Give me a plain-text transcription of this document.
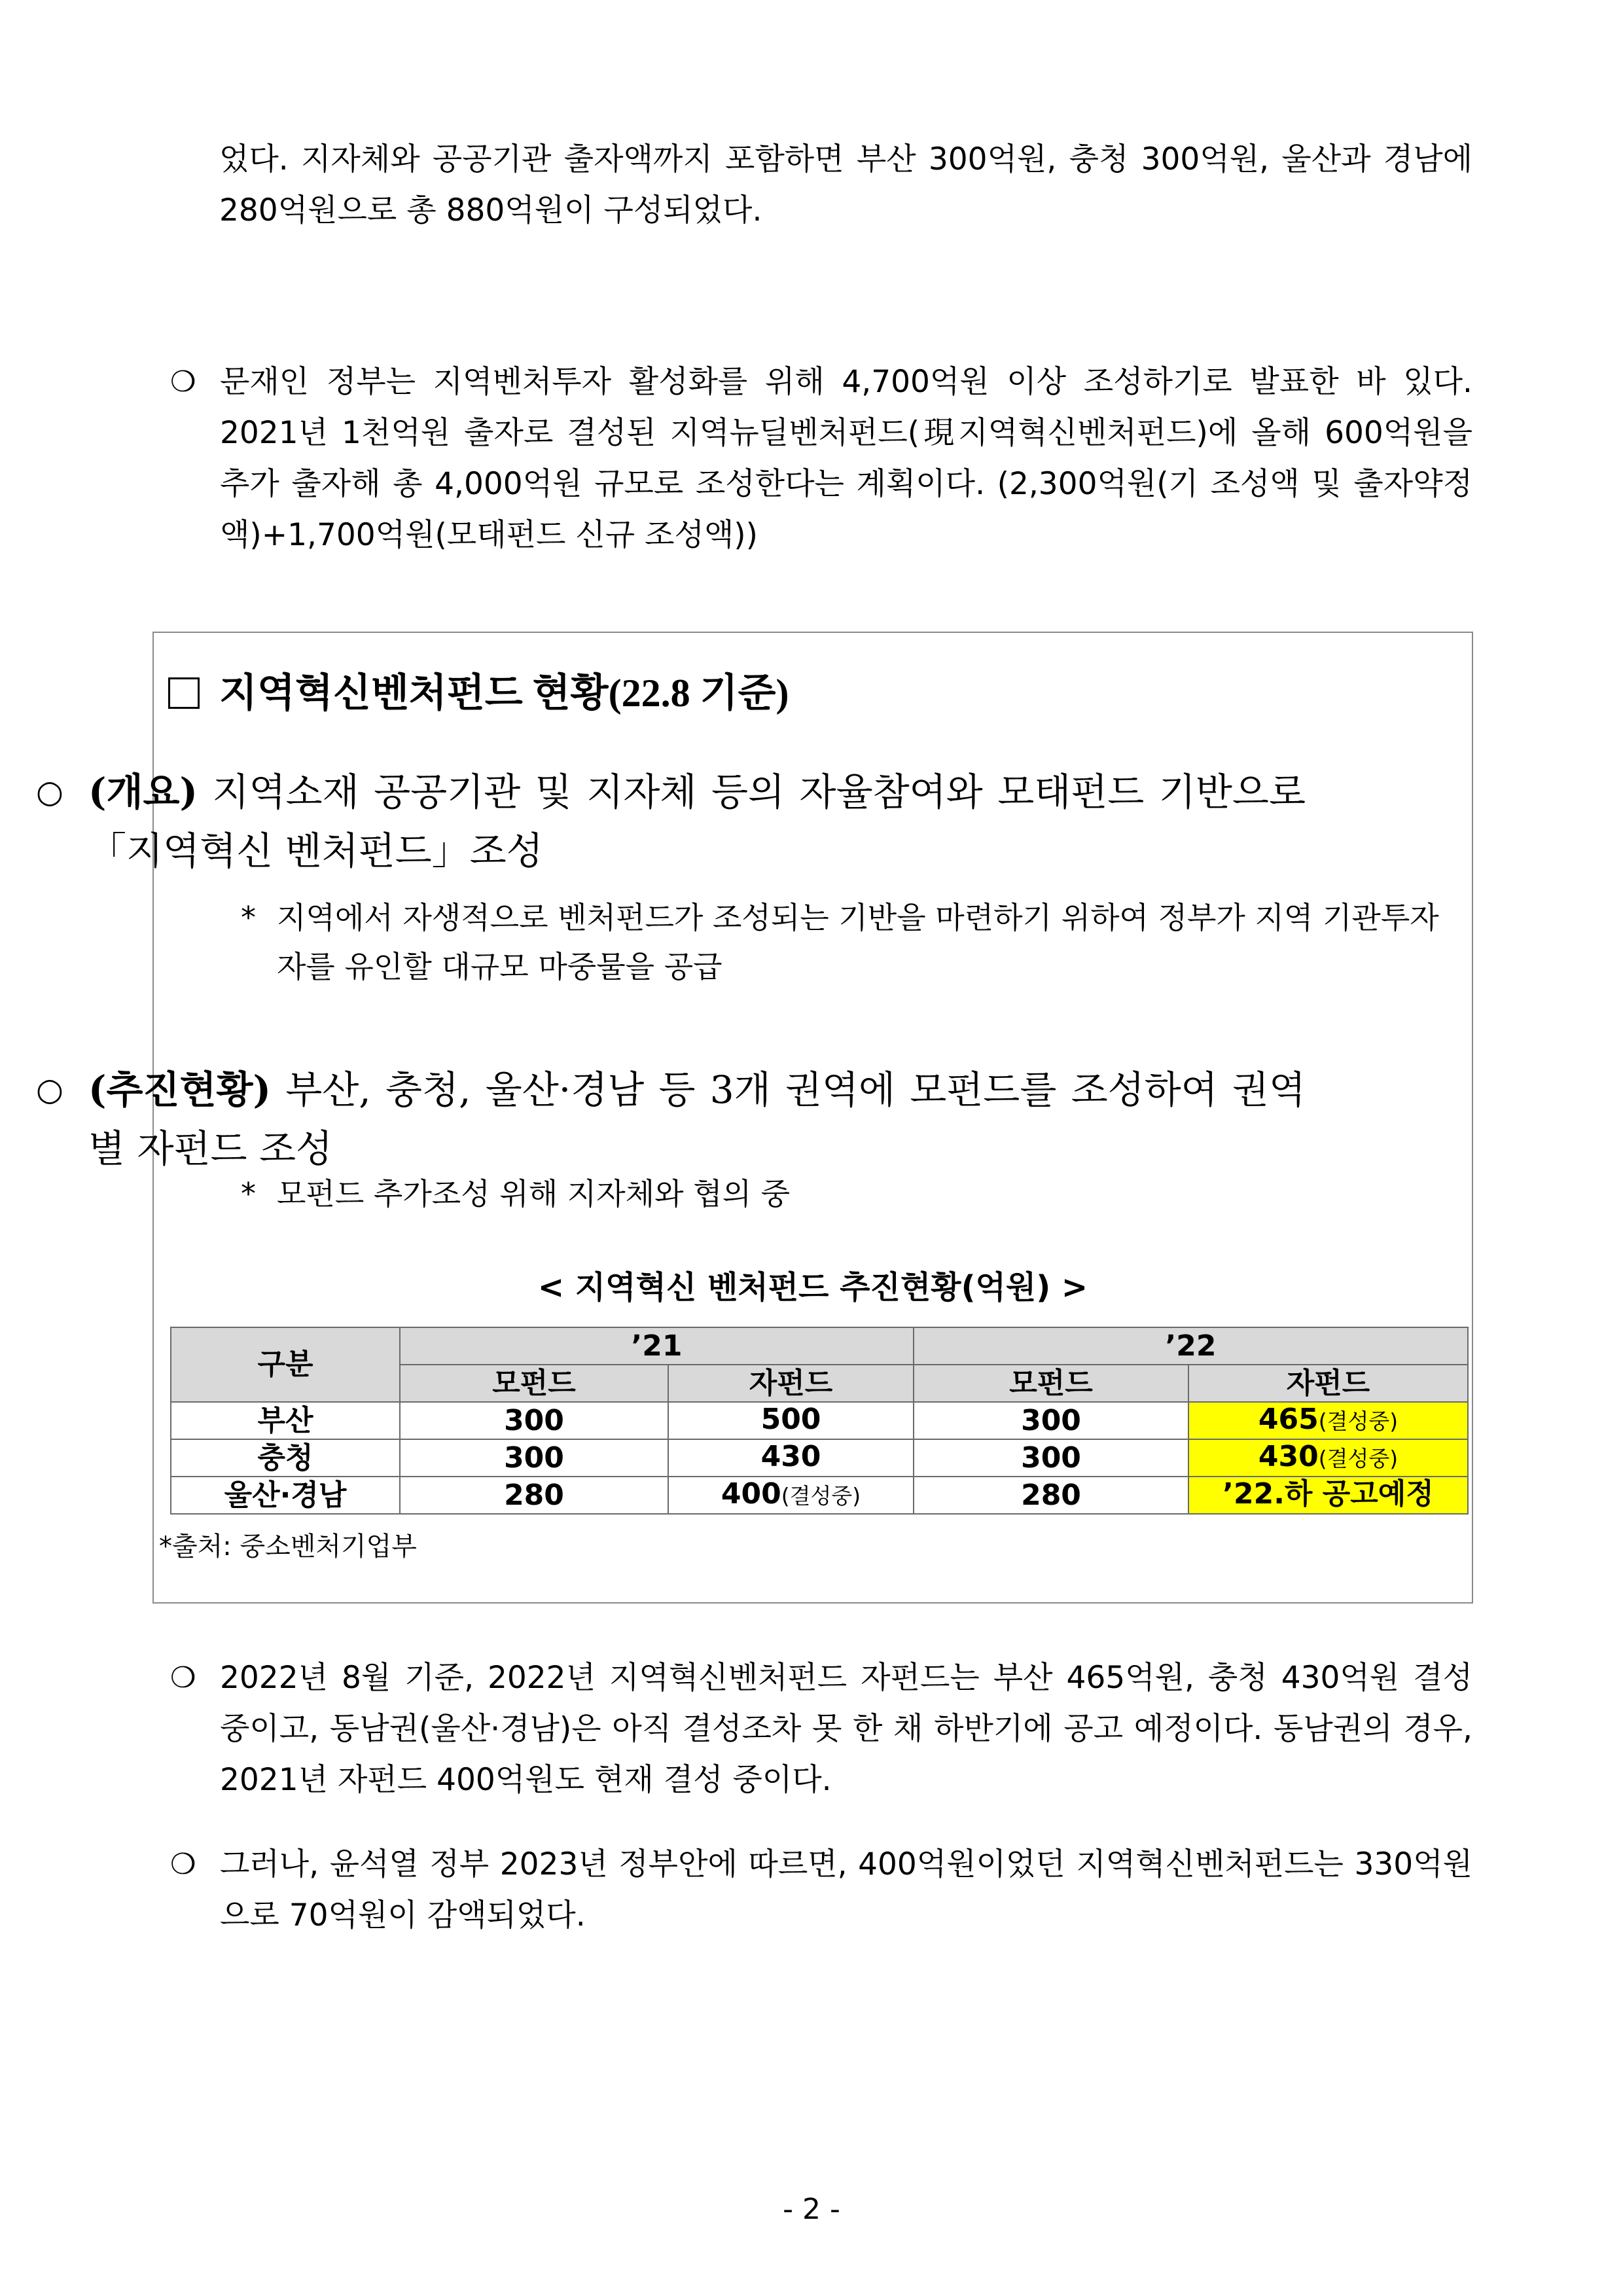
었다. 지자체와 공공기관 출자액까지 포함하면 부산 300억원, 충청 300억원, 울산과 경남에 280억원으로 총 880억원이 구성되었다.
❍ 문재인 정부는 지역벤처투자 활성화를 위해 4,700억원 이상 조성하기로 발표한 바 있다. 2021년 1천억원 출자로 결성된 지역뉴딜벤처펀드(現지역혁신벤처펀드)에 올해 600억원을 추가 출자해 총 4,000억원 규모로 조성한다는 계획이다. (2,300억원(기 조성액 및 출자약정액)+1,700억원(모태펀드 신규 조성액))
지역혁신벤처펀드 현황(22.8 기준)
○ (개요) 지역소재 공공기관 및 지자체 등의 자율참여와 모태펀드 기반으로「지역혁신 벤처펀드」조성
* 지역에서 자생적으로 벤처펀드가 조성되는 기반을 마련하기 위하여 정부가 지역 기관투자자를 유인할 대규모 마중물을 공급
○ (추진현황) 부산, 충청, 울산·경남 등 3개 권역에 모펀드를 조성하여 권역별 자펀드 조성
* 모펀드 추가조성 위해 지자체와 협의 중
< 지역혁신 벤처펀드 추진현황(억원) >
구분	’21		’22	
	모펀드	자펀드	모펀드	자펀드
부산	300	500	300	465(결성중)
충청	300	430	300	430(결성중)
울산·경남	280	400(결성중)	280	’22.하 공고예정
*출처: 중소벤처기업부
❍ 2022년 8월 기준, 2022년 지역혁신벤처펀드 자펀드는 부산 465억원, 충청 430억원 결성 중이고, 동남권(울산·경남)은 아직 결성조차 못 한 채 하반기에 공고 예정이다. 동남권의 경우, 2021년 자펀드 400억원도 현재 결성 중이다.
❍ 그러나, 윤석열 정부 2023년 정부안에 따르면, 400억원이었던 지역혁신벤처펀드는 330억원으로 70억원이 감액되었다.
- 2 -
